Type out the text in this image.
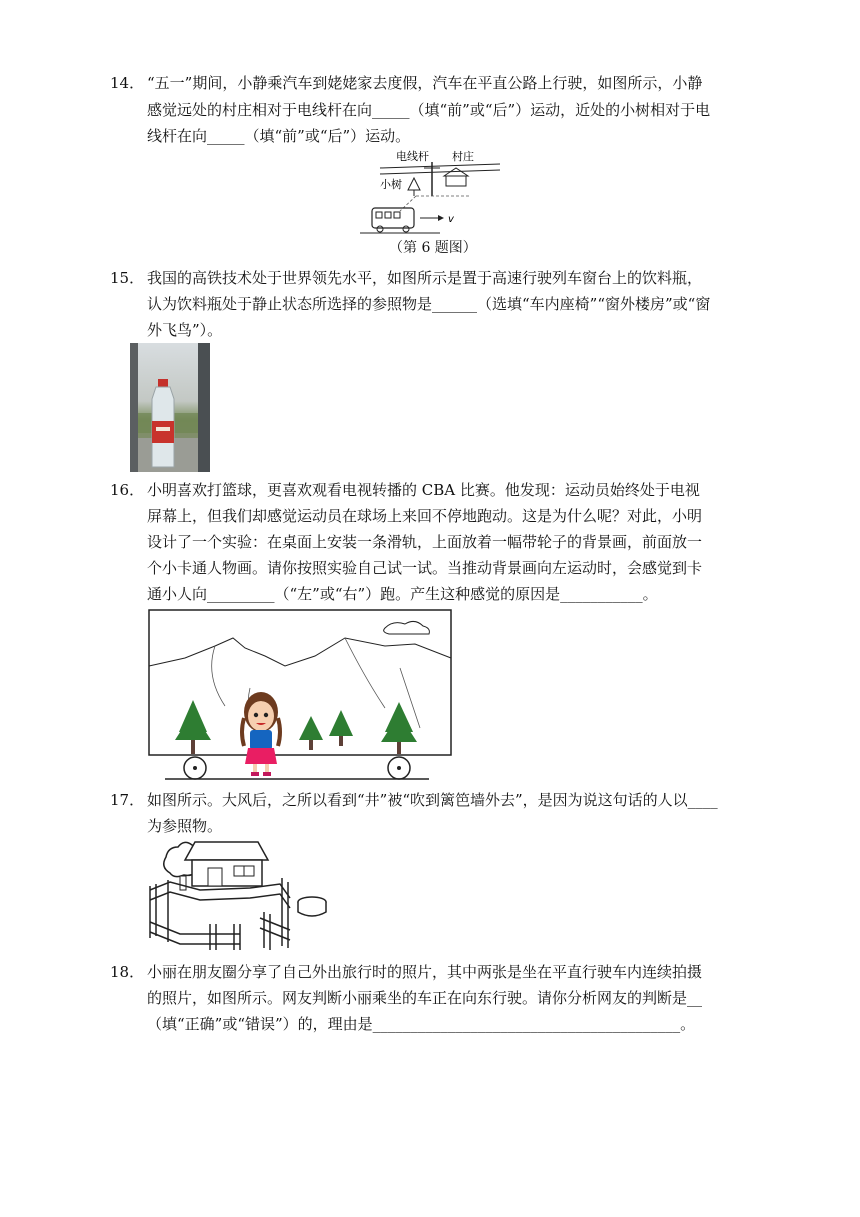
14． “五一”期间，小静乘汽车到姥姥家去度假，汽车在平直公路上行驶，如图所示，小静
感觉远处的村庄相对于电线杆在向_____（填“前”或“后”）运动，近处的小树相对于电
线杆在向_____（填“前”或“后”）运动。
电线杆 村庄
小树
v
（第 6 题图）
15． 我国的高铁技术处于世界领先水平，如图所示是置于高速行驶列车窗台上的饮料瓶，
认为饮料瓶处于静止状态所选择的参照物是______（选填“车内座椅”“窗外楼房”或“窗
外飞鸟”）。
16． 小明喜欢打篮球，更喜欢观看电视转播的 CBA 比赛。他发现：运动员始终处于电视
屏幕上，但我们却感觉运动员在球场上来回不停地跑动。这是为什么呢？对此，小明
设计了一个实验：在桌面上安装一条滑轨，上面放着一幅带轮子的背景画，前面放一
个小卡通人物画。请你按照实验自己试一试。当推动背景画向左运动时，会感觉到卡
通小人向_________（“左”或“右”）跑。产生这种感觉的原因是___________。
17． 如图所示。大风后，之所以看到“井”被“吹到篱笆墙外去”，是因为说这句话的人以____
为参照物。
18． 小丽在朋友圈分享了自己外出旅行时的照片，其中两张是坐在平直行驶车内连续拍摄
的照片，如图所示。网友判断小丽乘坐的车正在向东行驶。请你分析网友的判断是__
（填“正确”或“错误”）的，理由是_________________________________________。
